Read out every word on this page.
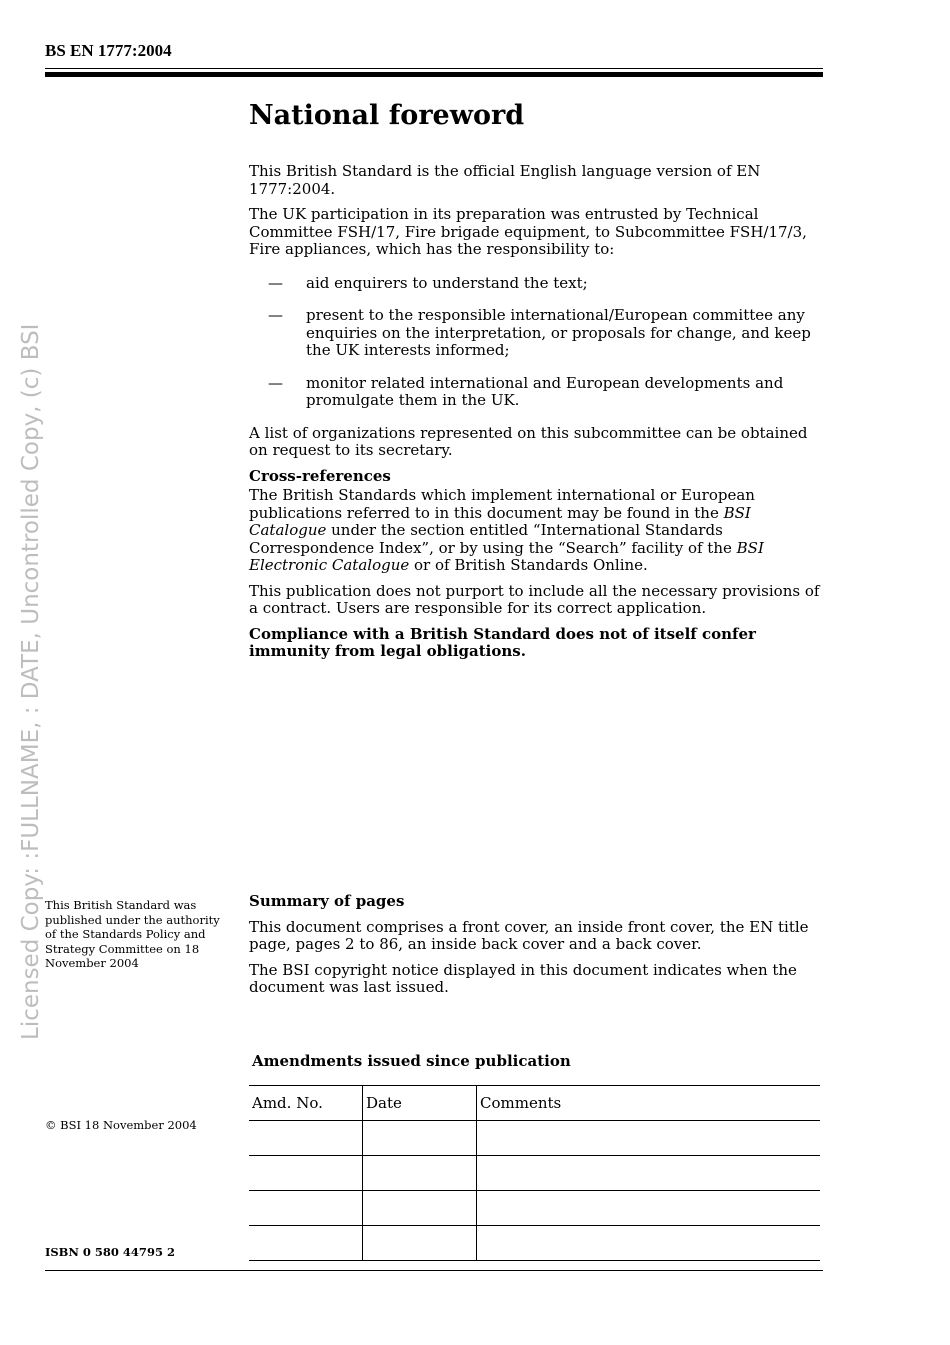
BS EN 1777:2004
National foreword

This British Standard is the official English language version of EN 1777:2004.

The UK participation in its preparation was entrusted by Technical Committee FSH/17, Fire brigade equipment, to Subcommittee FSH/17/3, Fire appliances, which has the responsibility to:

— aid enquirers to understand the text;
— present to the responsible international/European committee any enquiries on the interpretation, or proposals for change, and keep the UK interests informed;
— monitor related international and European developments and promulgate them in the UK.

A list of organizations represented on this subcommittee can be obtained on request to its secretary.

Cross-references

The British Standards which implement international or European publications referred to in this document may be found in the BSI Catalogue under the section entitled “International Standards Correspondence Index”, or by using the “Search” facility of the BSI Electronic Catalogue or of British Standards Online.

This publication does not purport to include all the necessary provisions of a contract. Users are responsible for its correct application.

Compliance with a British Standard does not of itself confer immunity from legal obligations.

This British Standard was published under the authority of the Standards Policy and Strategy Committee on 18 November 2004
© BSI 18 November 2004
ISBN 0 580 44795 2
Summary of pages

This document comprises a front cover, an inside front cover, the EN title page, pages 2 to 86, an inside back cover and a back cover.

The BSI copyright notice displayed in this document indicates when the document was last issued.

Amendments issued since publication
Amd. No.	Date	Comments

Licensed Copy: :FULLNAME, : DATE, Uncontrolled Copy, (c) BSI
